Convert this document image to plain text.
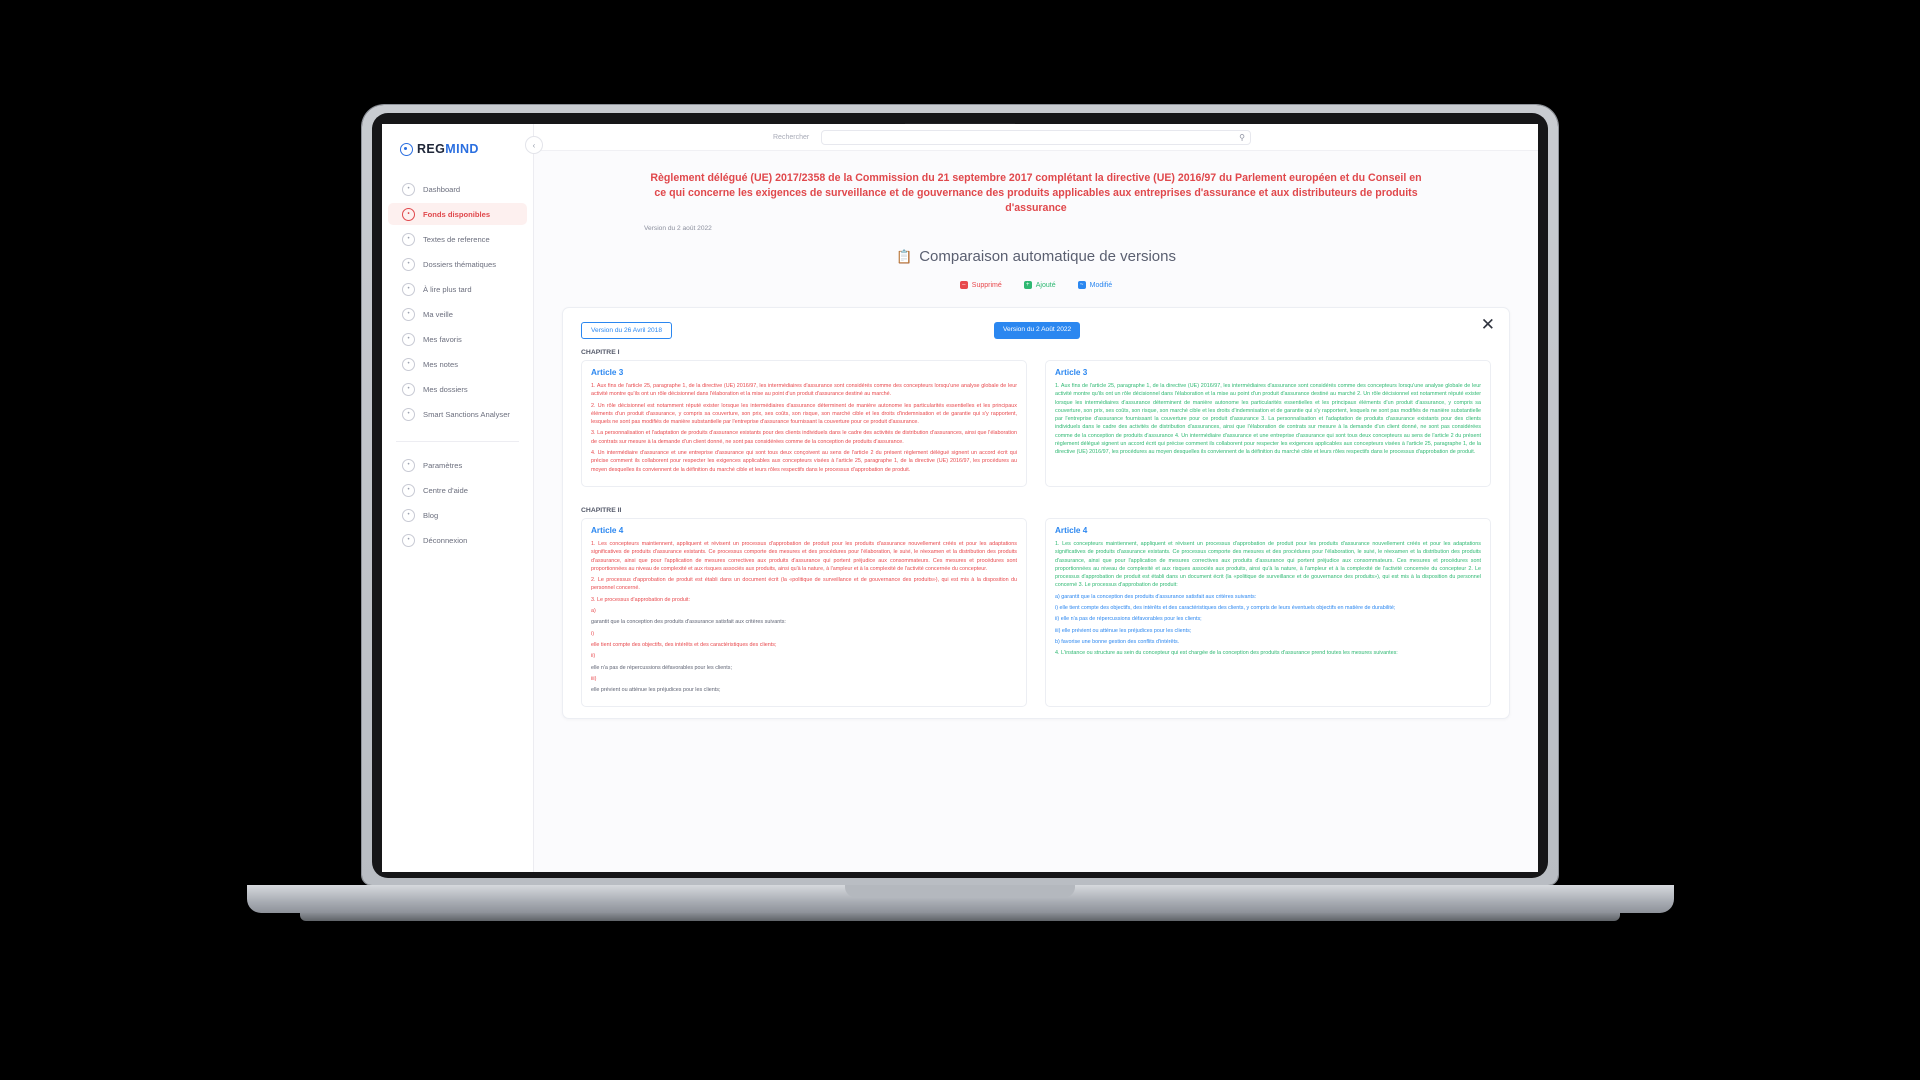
REGMIND
•	Dashboard
•	Fonds disponibles
•	Textes de reference
•	Dossiers thématiques
•	À lire plus tard
•	Ma veille
•	Mes favoris
•	Mes notes
•	Mes dossiers
•	Smart Sanctions Analyser
•	Paramètres
•	Centre d'aide
•	Blog
•	Déconnexion
‹
Rechercher	⚲
Règlement délégué (UE) 2017/2358 de la Commission du 21 septembre 2017 complétant la directive (UE) 2016/97 du Parlement européen et du Conseil en ce qui concerne les exigences de surveillance et de gouvernance des produits applicables aux entreprises d'assurance et aux distributeurs de produits d'assurance
Version du 2 août 2022
📋 Comparaison automatique de versions
– Supprimé	+ Ajouté	~ Modifié
✕
Version du 26 Avril 2018	Version du 2 Août 2022
CHAPITRE I
Article 3

1. Aux fins de l'article 25, paragraphe 1, de la directive (UE) 2016/97, les intermédiaires d'assurance sont considérés comme des concepteurs lorsqu'une analyse globale de leur activité montre qu'ils ont un rôle décisionnel dans l'élaboration et la mise au point d'un produit d'assurance destiné au marché.

2. Un rôle décisionnel est notamment réputé exister lorsque les intermédiaires d'assurance déterminent de manière autonome les particularités essentielles et les principaux éléments d'un produit d'assurance, y compris sa couverture, son prix, ses coûts, son risque, son marché cible et les droits d'indemnisation et de garantie qui s'y rapportent, lesquels ne sont pas modifiés de manière substantielle par l'entreprise d'assurance fournissant la couverture pour ce produit d'assurance.

3. La personnalisation et l'adaptation de produits d'assurance existants pour des clients individuels dans le cadre des activités de distribution d'assurances, ainsi que l'élaboration de contrats sur mesure à la demande d'un client donné, ne sont pas considérées comme de la conception de produits d'assurance.

4. Un intermédiaire d'assurance et une entreprise d'assurance qui sont tous deux conçoivent au sens de l'article 2 du présent règlement délégué signent un accord écrit qui précise comment ils collaborent pour respecter les exigences applicables aux concepteurs visées à l'article 25, paragraphe 1, de la directive (UE) 2016/97, les procédures au moyen desquelles ils conviennent de la définition du marché cible et leurs rôles respectifs dans le processus d'approbation de produit.

Article 3

1. Aux fins de l'article 25, paragraphe 1, de la directive (UE) 2016/97, les intermédiaires d'assurance sont considérés comme des concepteurs lorsqu'une analyse globale de leur activité montre qu'ils ont un rôle décisionnel dans l'élaboration et la mise au point d'un produit d'assurance destiné au marché 2. Un rôle décisionnel est notamment réputé exister lorsque les intermédiaires d'assurance déterminent de manière autonome les particularités essentielles et les principaux éléments d'un produit d'assurance, y compris sa couverture, son prix, ses coûts, son risque, son marché cible et les droits d'indemnisation et de garantie qui s'y rapportent, lesquels ne sont pas modifiés de manière substantielle par l'entreprise d'assurance fournissant la couverture pour ce produit d'assurance 3. La personnalisation et l'adaptation de produits d'assurance existants pour des clients individuels dans le cadre des activités de distribution d'assurances, ainsi que l'élaboration de contrats sur mesure à la demande d'un client donné, ne sont pas considérées comme de la conception de produits d'assurance 4. Un intermédiaire d'assurance et une entreprise d'assurance qui sont tous deux concepteurs au sens de l'article 2 du présent règlement délégué signent un accord écrit qui précise comment ils collaborent pour respecter les exigences applicables aux concepteurs visées à l'article 25, paragraphe 1, de la directive (UE) 2016/97, les procédures au moyen desquelles ils conviennent de la définition du marché cible et leurs rôles respectifs dans le processus d'approbation de produit.

CHAPITRE II
Article 4

1. Les concepteurs maintiennent, appliquent et révisent un processus d'approbation de produit pour les produits d'assurance nouvellement créés et pour les adaptations significatives de produits d'assurance existants. Ce processus comporte des mesures et des procédures pour l'élaboration, le suivi, le réexamen et la distribution des produits d'assurance, ainsi que pour l'application de mesures correctives aux produits d'assurance qui portent préjudice aux consommateurs. Ces mesures et procédures sont proportionnées au niveau de complexité et aux risques associés aux produits, ainsi qu'à la nature, à l'ampleur et à la complexité de l'activité concernée du concepteur.

2. Le processus d'approbation de produit est établi dans un document écrit (la «politique de surveillance et de gouvernance des produits»), qui est mis à la disposition du personnel concerné.

3. Le processus d'approbation de produit:

a)

garantit que la conception des produits d'assurance satisfait aux critères suivants:

i)

elle tient compte des objectifs, des intérêts et des caractéristiques des clients;

ii)

elle n'a pas de répercussions défavorables pour les clients;

iii)

elle prévient ou atténue les préjudices pour les clients;

Article 4

1. Les concepteurs maintiennent, appliquent et révisent un processus d'approbation de produit pour les produits d'assurance nouvellement créés et pour les adaptations significatives de produits d'assurance existants. Ce processus comporte des mesures et des procédures pour l'élaboration, le suivi, le réexamen et la distribution des produits d'assurance, ainsi que pour l'application de mesures correctives aux produits d'assurance qui portent préjudice aux consommateurs. Ces mesures et procédures sont proportionnées au niveau de complexité et aux risques associés aux produits, ainsi qu'à la nature, à l'ampleur et à la complexité de l'activité concernée du concepteur 2. Le processus d'approbation de produit est établi dans un document écrit (la «politique de surveillance et de gouvernance des produits»), qui est mis à la disposition du personnel concerné 3. Le processus d'approbation de produit:

a) garantit que la conception des produits d'assurance satisfait aux critères suivants:

i) elle tient compte des objectifs, des intérêts et des caractéristiques des clients, y compris de leurs éventuels objectifs en matière de durabilité;

ii) elle n'a pas de répercussions défavorables pour les clients;

iii) elle prévient ou atténue les préjudices pour les clients;

b) favorise une bonne gestion des conflits d'intérêts.

4. L'instance ou structure au sein du concepteur qui est chargée de la conception des produits d'assurance prend toutes les mesures suivantes:
